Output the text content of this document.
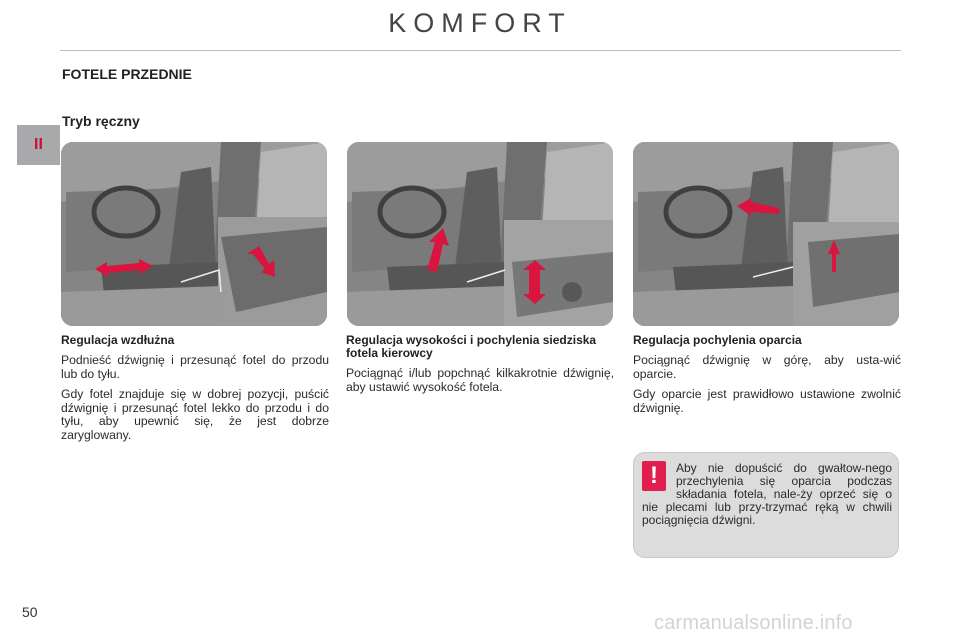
KOMFORT
II
FOTELE PRZEDNIE
Tryb ręczny
Regulacja wzdłużna

Podnieść dźwignię i przesunąć fotel do przodu lub do tyłu.

Gdy fotel znajduje się w dobrej pozycji, puścić dźwignię i przesunąć fotel lekko do przodu i do tyłu, aby upewnić się, że jest dobrze zaryglowany.

Regulacja wysokości i pochylenia siedziska fotela kierowcy

Pociągnąć i/lub popchnąć kilkakrotnie dźwignię, aby ustawić wysokość fotela.

Regulacja pochylenia oparcia

Pociągnąć dźwignię w górę, aby usta-wić oparcie.

Gdy oparcie jest prawidłowo ustawione zwolnić dźwignię.

!	Aby nie dopuścić do gwałtow-nego przechylenia się oparcia podczas składania fotela, nale-ży oprzeć się o nie plecami lub przy-trzymać ręką w chwili pociągnięcia dźwigni.
50	carmanualsonline.info
